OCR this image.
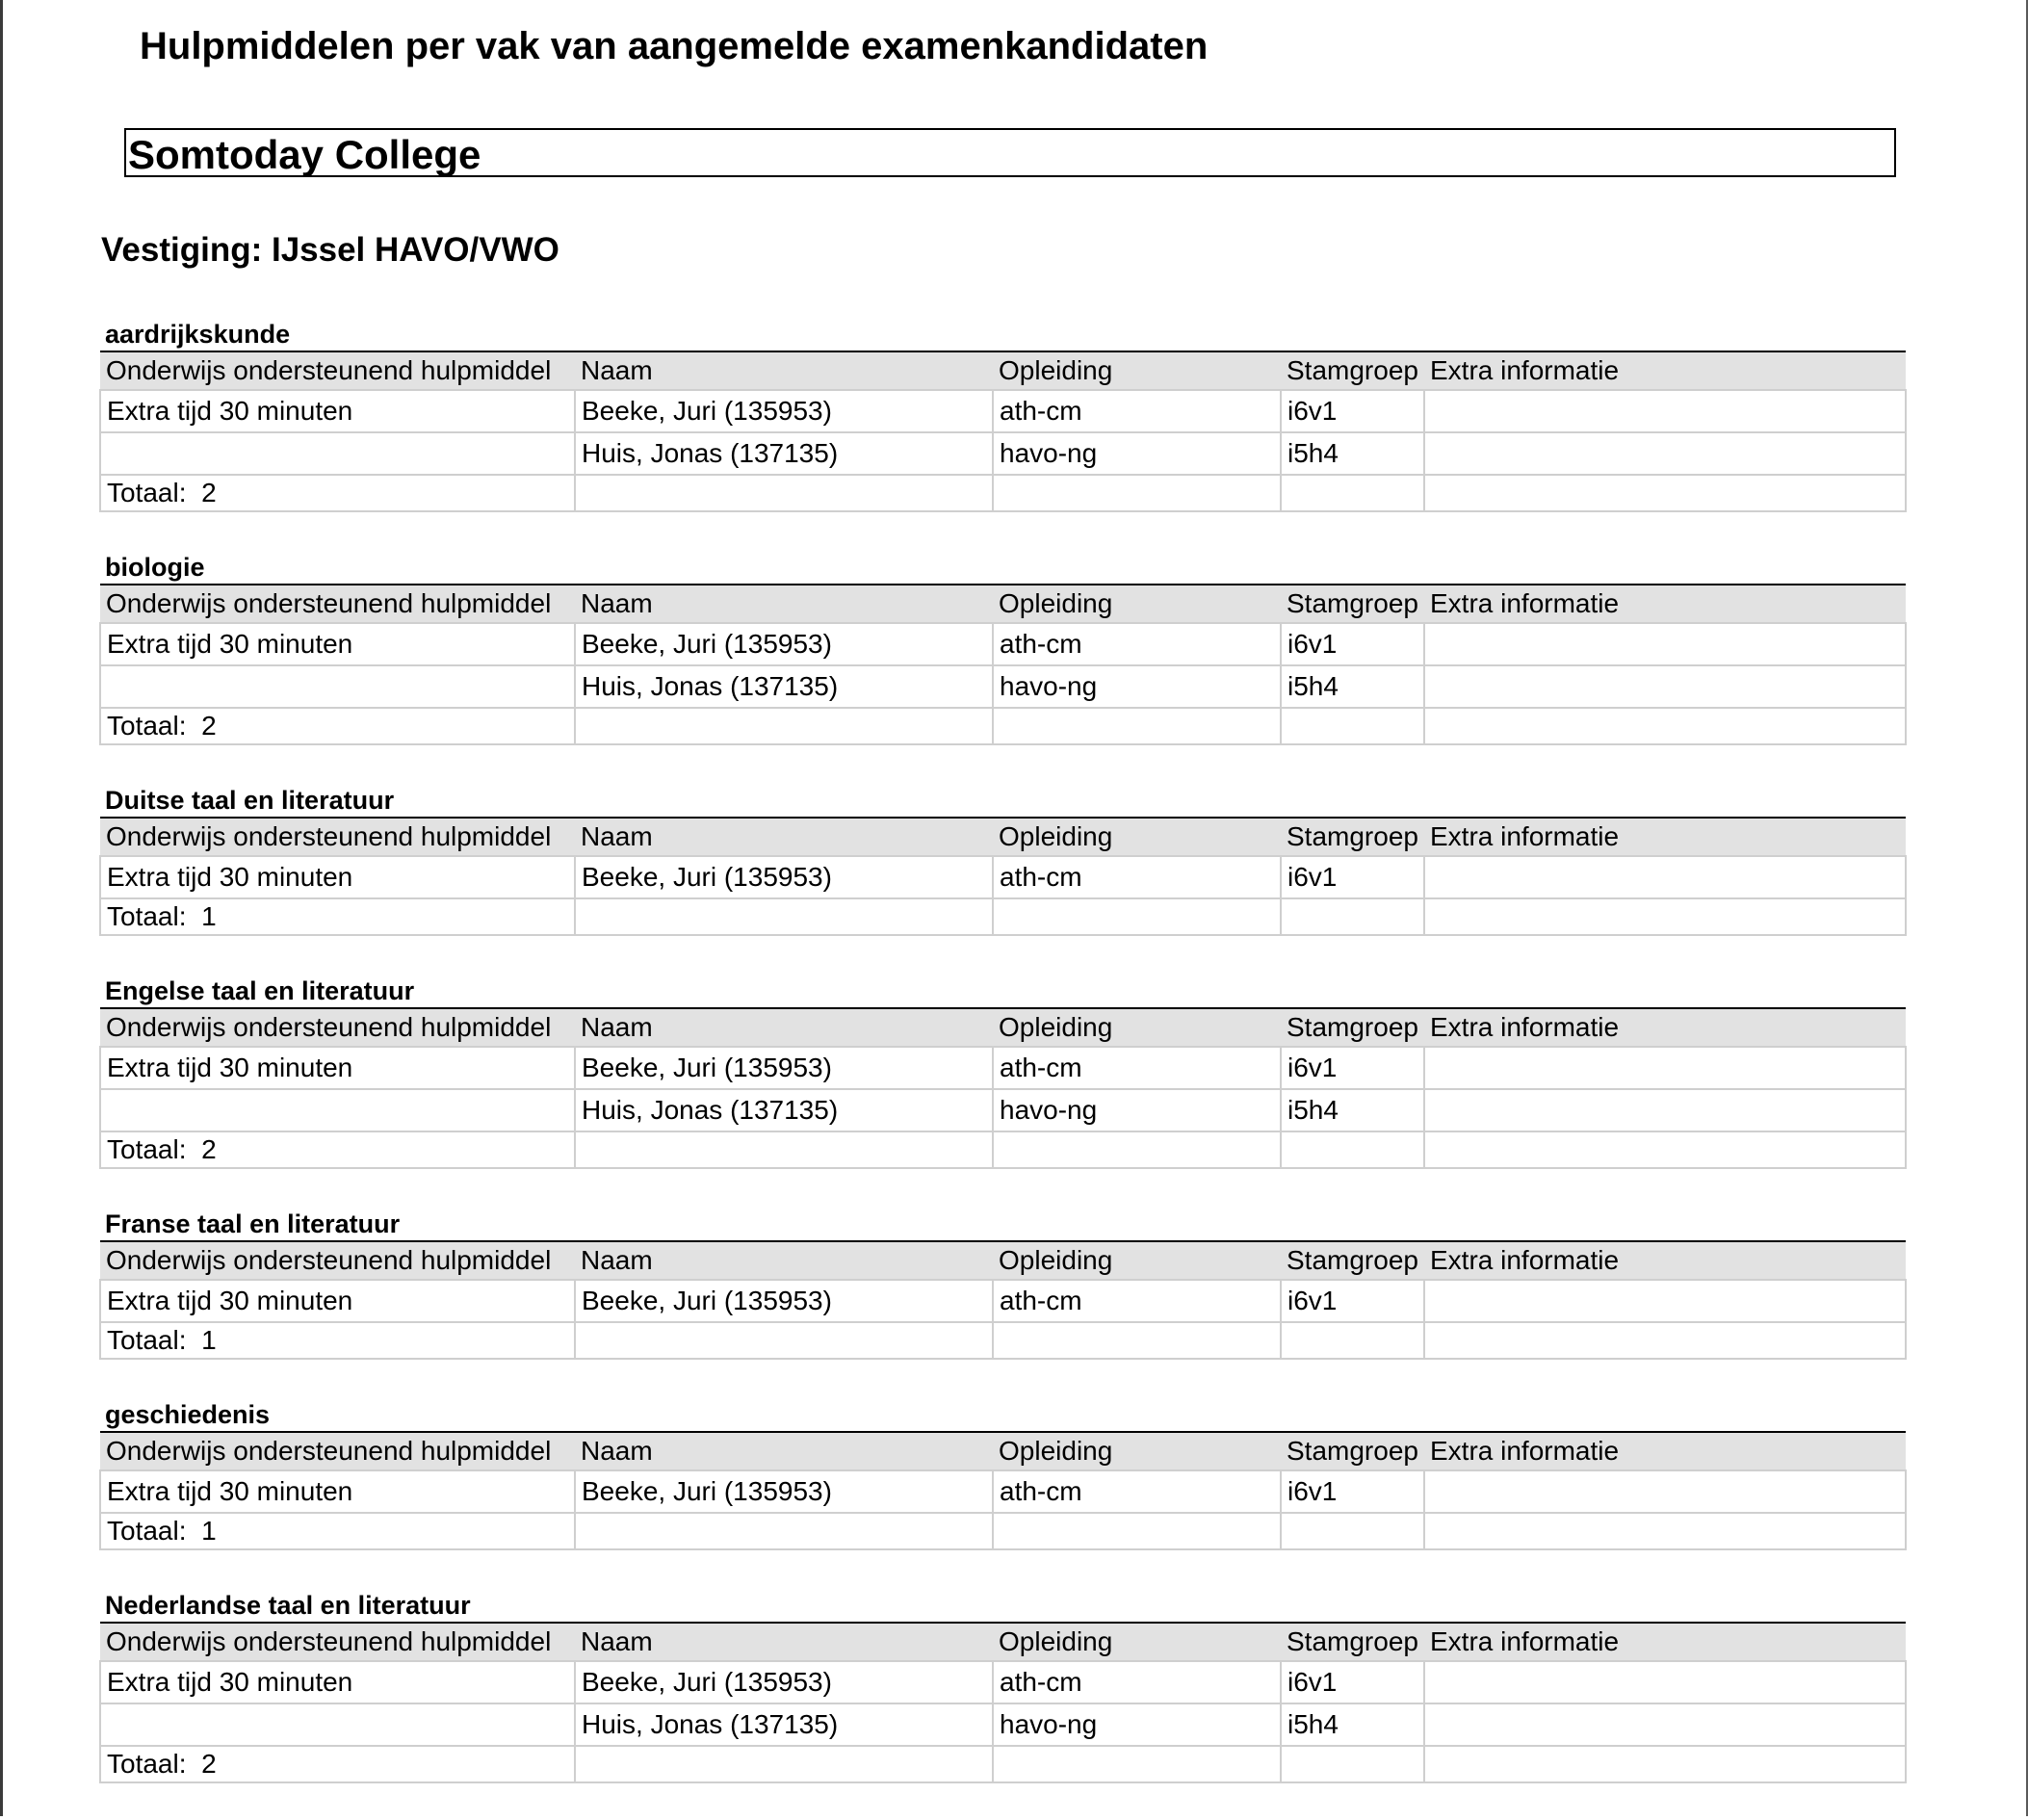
Hulpmiddelen per vak van aangemelde examenkandidaten
Somtoday College
Vestiging: IJssel HAVO/VWO
aardrijkskunde
Onderwijs ondersteunend hulpmiddel	Naam	Opleiding	Stamgroep	Extra informatie
Extra tijd 30 minuten	Beeke, Juri (135953)	ath-cm	i6v1	
	Huis, Jonas (137135)	havo-ng	i5h4	
Totaal: 2				
biologie
Onderwijs ondersteunend hulpmiddel	Naam	Opleiding	Stamgroep	Extra informatie
Extra tijd 30 minuten	Beeke, Juri (135953)	ath-cm	i6v1	
	Huis, Jonas (137135)	havo-ng	i5h4	
Totaal: 2				
Duitse taal en literatuur
Onderwijs ondersteunend hulpmiddel	Naam	Opleiding	Stamgroep	Extra informatie
Extra tijd 30 minuten	Beeke, Juri (135953)	ath-cm	i6v1	
Totaal: 1				
Engelse taal en literatuur
Onderwijs ondersteunend hulpmiddel	Naam	Opleiding	Stamgroep	Extra informatie
Extra tijd 30 minuten	Beeke, Juri (135953)	ath-cm	i6v1	
	Huis, Jonas (137135)	havo-ng	i5h4	
Totaal: 2				
Franse taal en literatuur
Onderwijs ondersteunend hulpmiddel	Naam	Opleiding	Stamgroep	Extra informatie
Extra tijd 30 minuten	Beeke, Juri (135953)	ath-cm	i6v1	
Totaal: 1				
geschiedenis
Onderwijs ondersteunend hulpmiddel	Naam	Opleiding	Stamgroep	Extra informatie
Extra tijd 30 minuten	Beeke, Juri (135953)	ath-cm	i6v1	
Totaal: 1				
Nederlandse taal en literatuur
Onderwijs ondersteunend hulpmiddel	Naam	Opleiding	Stamgroep	Extra informatie
Extra tijd 30 minuten	Beeke, Juri (135953)	ath-cm	i6v1	
	Huis, Jonas (137135)	havo-ng	i5h4	
Totaal: 2				
